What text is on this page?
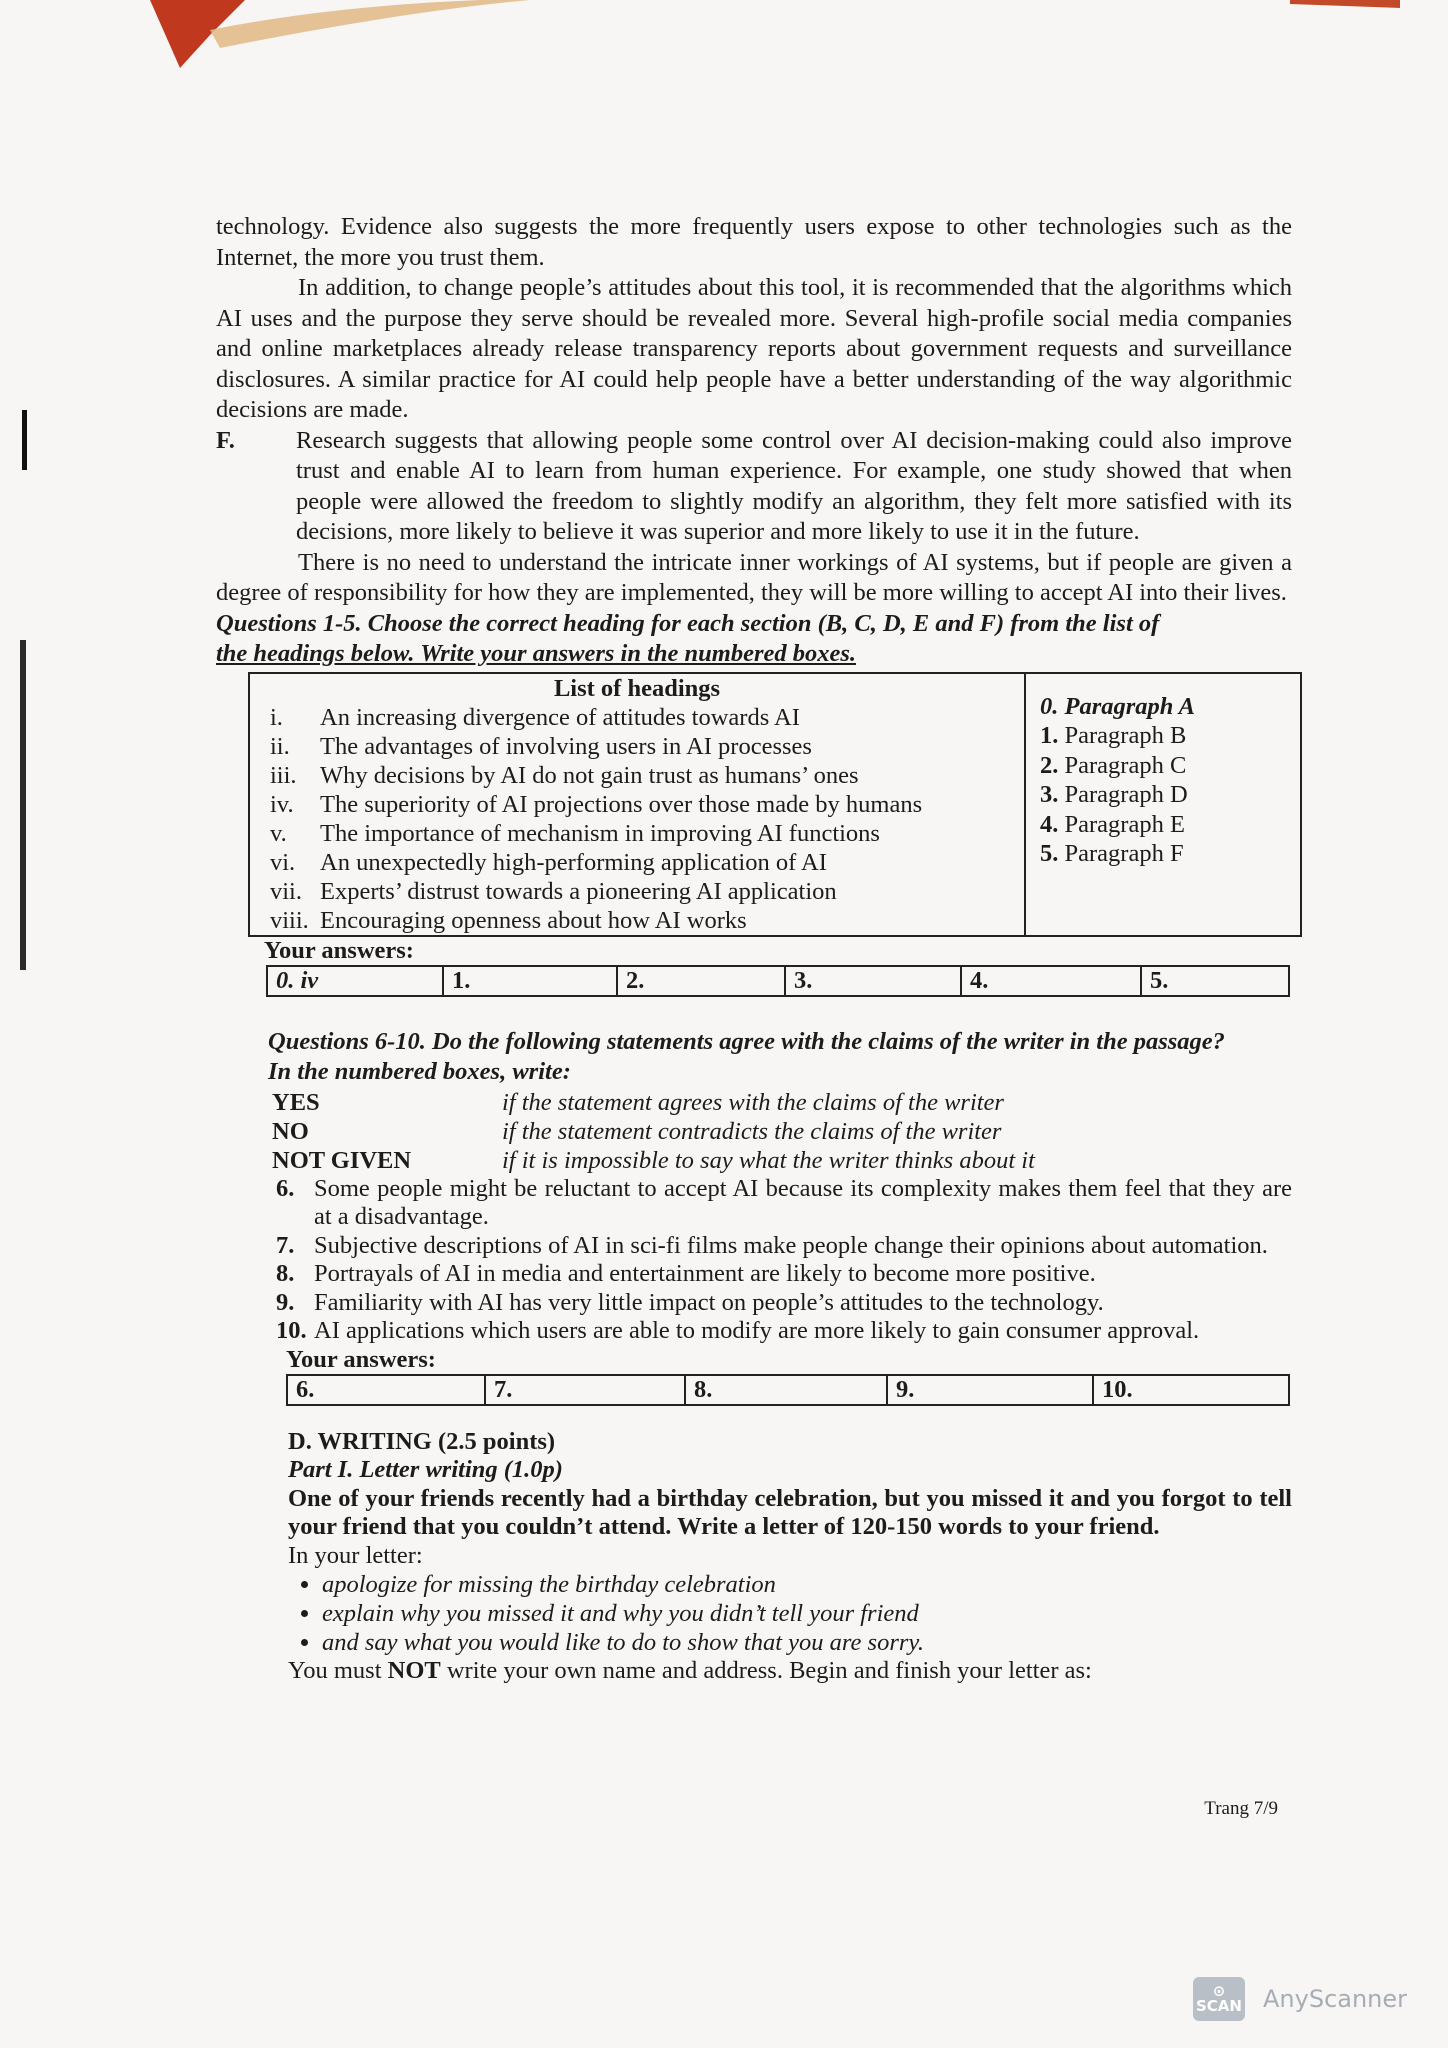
technology. Evidence also suggests the more frequently users expose to other technologies such as the Internet, the more you trust them.

In addition, to change people’s attitudes about this tool, it is recommended that the algorithms which AI uses and the purpose they serve should be revealed more. Several high-profile social media companies and online marketplaces already release transparency reports about government requests and surveillance disclosures. A similar practice for AI could help people have a better understanding of the way algorithmic decisions are made.

F.	Research suggests that allowing people some control over AI decision-making could also improve trust and enable AI to learn from human experience. For example, one study showed that when people were allowed the freedom to slightly modify an algorithm, they felt more satisfied with its decisions, more likely to believe it was superior and more likely to use it in the future.

There is no need to understand the intricate inner workings of AI systems, but if people are given a degree of responsibility for how they are implemented, they will be more willing to accept AI into their lives.

Questions 1-5. Choose the correct heading for each section (B, C, D, E and F) from the list of
the headings below. Write your answers in the numbered boxes.

List of headings
i.	An increasing divergence of attitudes towards AI
ii.	The advantages of involving users in AI processes
iii. Why decisions by AI do not gain trust as humans’ ones
iv.	The superiority of AI projections over those made by humans
v.	The importance of mechanism in improving AI functions
vi.	An unexpectedly high-performing application of AI
vii. Experts’ distrust towards a pioneering AI application
viii. Encouraging openness about how AI works

0. Paragraph A
1. Paragraph B
2. Paragraph C
3. Paragraph D
4. Paragraph E
5. Paragraph F
Your answers:
0. iv	1.	2.	3.	4.	5.

Questions 6-10. Do the following statements agree with the claims of the writer in the passage?
In the numbered boxes, write:

YES	if the statement agrees with the claims of the writer
NO	if the statement contradicts the claims of the writer
NOT GIVEN	if it is impossible to say what the writer thinks about it
6. Some people might be reluctant to accept AI because its complexity makes them feel that they are at a disadvantage.
7. Subjective descriptions of AI in sci-fi films make people change their opinions about automation.
8. Portrayals of AI in media and entertainment are likely to become more positive.
9. Familiarity with AI has very little impact on people’s attitudes to the technology.
10. AI applications which users are able to modify are more likely to gain consumer approval.
Your answers:
6.	7.	8.	9.	10.
D. WRITING (2.5 points)
Part I. Letter writing (1.0p)
One of your friends recently had a birthday celebration, but you missed it and you forgot to tell your friend that you couldn’t attend. Write a letter of 120-150 words to your friend.
In your letter:
• apologize for missing the birthday celebration
• explain why you missed it and why you didn’t tell your friend
• and say what you would like to do to show that you are sorry.
You must NOT write your own name and address. Begin and finish your letter as:
Trang 7/9
⊙
SCAN AnyScanner
